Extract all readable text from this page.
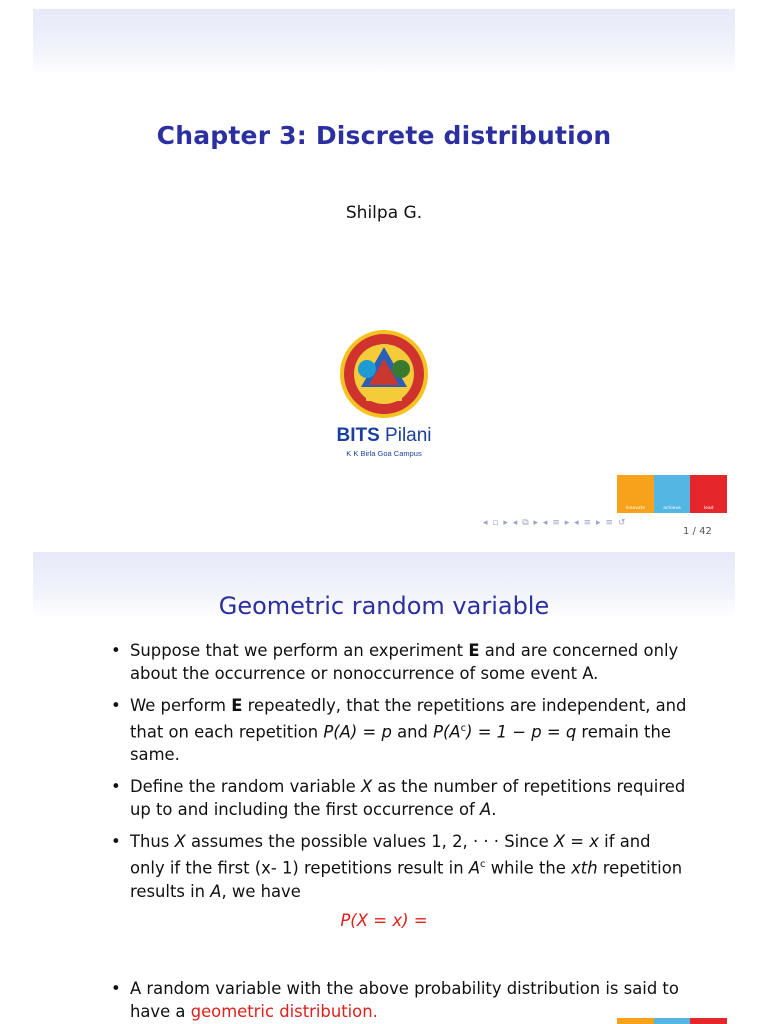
Chapter 3: Discrete distribution
Shilpa G.
BITS Pilani
K K Birla Goa Campus
innovate	achieve	lead
◂ ▫ ▸ ◂ ⧉ ▸ ◂ ≡ ▸ ◂ ≡ ▸ ≡ ↺
1 / 42
Geometric random variable
• Suppose that we perform an experiment E and are concerned only about the occurrence or nonoccurrence of some event A.
• We perform E repeatedly, that the repetitions are independent, and that on each repetition P(A) = p and $P(A^c) = 1 - p = q$ remain the same.
• Define the random variable X as the number of repetitions required up to and including the first occurrence of A.
• Thus X assumes the possible values 1, 2, · · · Since X = x if and only if the first (x- 1) repetitions result in $A^c$ while the xth repetition results in A, we have
P(X = x) =
• A random variable with the above probability distribution is said to have a geometric distribution.
